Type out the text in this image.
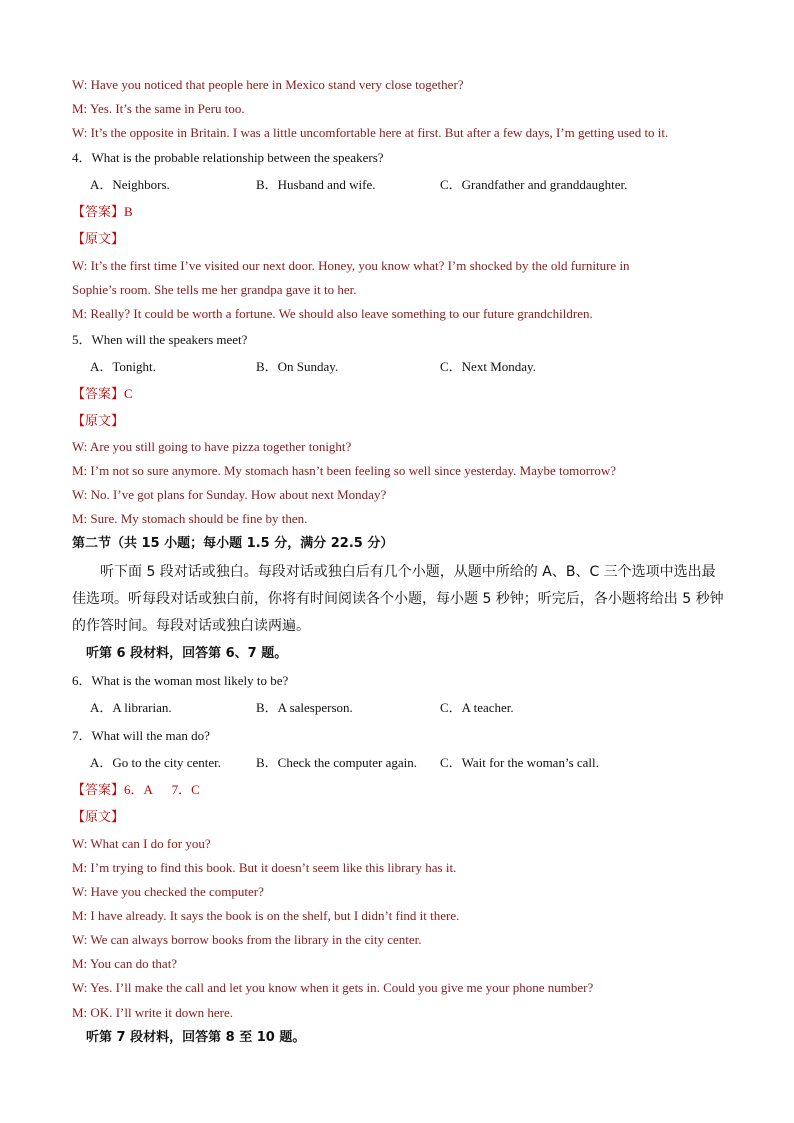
W: Have you noticed that people here in Mexico stand very close together?
M: Yes. It’s the same in Peru too.
W: It’s the opposite in Britain. I was a little uncomfortable here at first. But after a few days, I’m getting used to it.
4．What is the probable relationship between the speakers?
A．Neighbors.	B．Husband and wife.	C．Grandfather and granddaughter.
【答案】B
【原文】
W: It’s the first time I’ve visited our next door. Honey, you know what? I’m shocked by the old furniture in
Sophie’s room. She tells me her grandpa gave it to her.
M: Really? It could be worth a fortune. We should also leave something to our future grandchildren.
5．When will the speakers meet?
A．Tonight.	B．On Sunday.	C．Next Monday.
【答案】C
【原文】
W: Are you still going to have pizza together tonight?
M: I’m not so sure anymore. My stomach hasn’t been feeling so well since yesterday. Maybe tomorrow?
W: No. I’ve got plans for Sunday. How about next Monday?
M: Sure. My stomach should be fine by then.
第二节（共 15 小题；每小题 1.5 分，满分 22.5 分）
听下面 5 段对话或独白。每段对话或独白后有几个小题，从题中所给的 A、B、C 三个选项中选出最佳选项。听每段对话或独白前，你将有时间阅读各个小题，每小题 5 秒钟；听完后，各小题将给出 5 秒钟的作答时间。每段对话或独白读两遍。
听第 6 段材料，回答第 6、7 题。
6．What is the woman most likely to be?
A．A librarian.	B．A salesperson.	C．A teacher.
7．What will the man do?
A．Go to the city center.	B．Check the computer again. C．Wait for the woman’s call.
【答案】6．A      7．C
【原文】
W: What can I do for you?
M: I’m trying to find this book. But it doesn’t seem like this library has it.
W: Have you checked the computer?
M: I have already. It says the book is on the shelf, but I didn’t find it there.
W: We can always borrow books from the library in the city center.
M: You can do that?
W: Yes. I’ll make the call and let you know when it gets in. Could you give me your phone number?
M: OK. I’ll write it down here.
听第 7 段材料，回答第 8 至 10 题。
